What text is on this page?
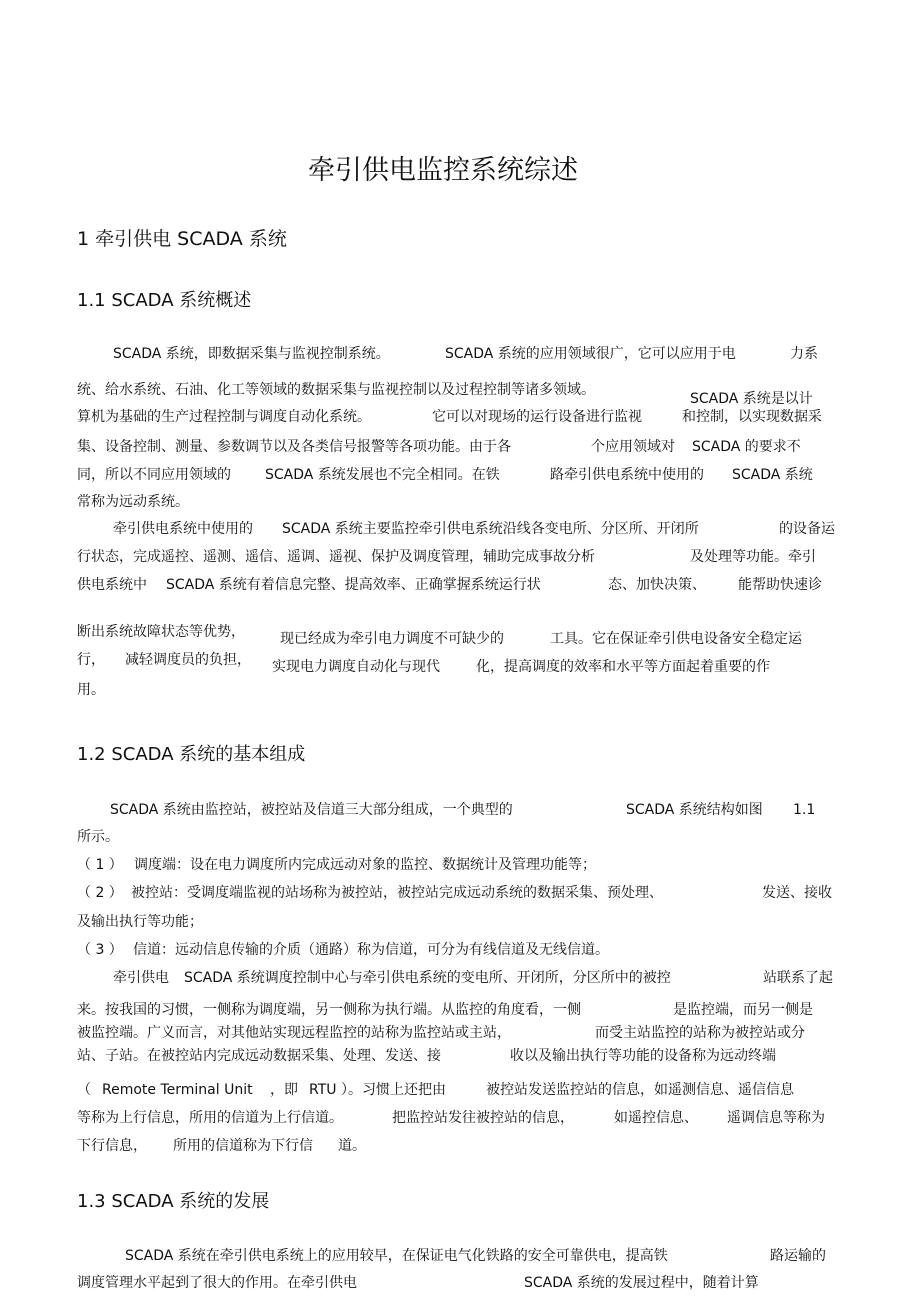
牵引供电监控系统综述
1 牵引供电 SCADA 系统
1.1 SCADA 系统概述
SCADA 系统，即数据采集与监视控制系统。	SCADA 系统的应用领域很广，它可以应用于电	力系
统、给水系统、石油、化工等领域的数据采集与监视控制以及过程控制等诸多领域。
SCADA 系统是以计
算机为基础的生产过程控制与调度自动化系统。	它可以对现场的运行设备进行监视	和控制，以实现数据采
集、设备控制、测量、参数调节以及各类信号报警等各项功能。由于各	个应用领域对 SCADA 的要求不
同，所以不同应用领域的 SCADA 系统发展也不完全相同。在铁	路牵引供电系统中使用的 SCADA 系统
常称为远动系统。
牵引供电系统中使用的 SCADA 系统主要监控牵引供电系统沿线各变电所、分区所、开闭所	的设备运
行状态，完成遥控、遥测、遥信、遥调、遥视、保护及调度管理，辅助完成事故分析	及处理等功能。牵引
供电系统中 SCADA 系统有着信息完整、提高效率、正确掌握系统运行状	态、加快决策、 能帮助快速诊
断出系统故障状态等优势，	现已经成为牵引电力调度不可缺少的	工具。它在保证牵引供电设备安全稳定运
行， 减轻调度员的负担， 实现电力调度自动化与现代	化，提高调度的效率和水平等方面起着重要的作
用。
1.2 SCADA 系统的基本组成
SCADA 系统由监控站，被控站及信道三大部分组成，一个典型的	SCADA 系统结构如图 1.1
所示。
（ 1 ） 调度端：设在电力调度所内完成远动对象的监控、数据统计及管理功能等；
（ 2 ） 被控站：受调度端监视的站场称为被控站，被控站完成远动系统的数据采集、预处理、	发送、接收
及输出执行等功能；
（ 3 ） 信道：远动信息传输的介质（通路）称为信道，可分为有线信道及无线信道。
牵引供电 SCADA 系统调度控制中心与牵引供电系统的变电所、开闭所，分区所中的被控	站联系了起
来。按我国的习惯，一侧称为调度端，另一侧称为执行端。从监控的角度看，一侧	是监控端，而另一侧是
被监控端。广义而言，对其他站实现远程监控的站称为监控站或主站，	而受主站监控的站称为被控站或分
站、子站。在被控站内完成远动数据采集、处理、发送、接	收以及输出执行等功能的设备称为远动终端
（ Remote Terminal Unit ，即 RTU ）。习惯上还把由	被控站发送监控站的信息，如遥测信息、遥信信息
等称为上行信息，所用的信道为上行信道。	把监控站发往被控站的信息，	如遥控信息、 遥调信息等称为
下行信息， 所用的信道称为下行信 道。
1.3 SCADA 系统的发展
SCADA 系统在牵引供电系统上的应用较早，在保证电气化铁路的安全可靠供电，提高铁	路运输的
调度管理水平起到了很大的作用。在牵引供电	SCADA 系统的发展过程中，随着计算
